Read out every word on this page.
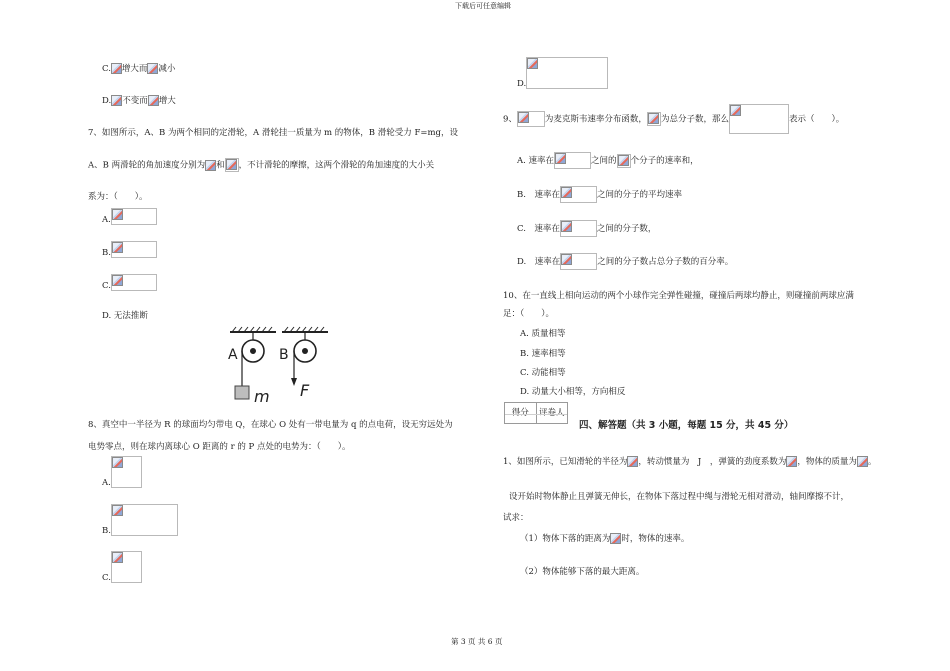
下载后可任意编辑
第 3 页 共 6 页
C. 增大而 减小
D. 不变而 增大
7、如图所示，A、B 为两个相同的定滑轮，A 滑轮挂一质量为 m 的物体，B 滑轮受力 F=mg，设
A、B 两滑轮的角加速度分别为 和 ，不计滑轮的摩擦，这两个滑轮的角加速度的大小关
系为：（　　）。
A.
B.
C.
D. 无法推断
A	B
m F
8、真空中一半径为 R 的球面均匀带电 Q，在球心 O 处有一带电量为 q 的点电荷，设无穷远处为
电势零点，则在球内离球心 O 距离的 r 的 P 点处的电势为：（　　）。
A.
B.
C.
D.
9、	为麦克斯韦速率分布函数， 为总分子数，那么	表示（　　）。
A. 速率在	之间的 个分子的速率和，
B.　速率在	之间的分子的平均速率
C.　速率在	之间的分子数，
D.　速率在	之间的分子数占总分子数的百分率。
10、在一直线上相向运动的两个小球作完全弹性碰撞，碰撞后两球均静止，则碰撞前两球应满
足：（　　）。
A. 质量相等
B. 速率相等
C. 动能相等
D. 动量大小相等，方向相反
得分	评卷人
四、解答题（共 3 小题，每题 15 分，共 45 分）
1、如图所示，已知滑轮的半径为 ，转动惯量为　J　，弹簧的劲度系数为 ，物体的质量为 。
设开始时物体静止且弹簧无伸长，在物体下落过程中绳与滑轮无相对滑动，轴间摩擦不计，
试求：
（1）物体下落的距离为 时，物体的速率。
（2）物体能够下落的最大距离。
